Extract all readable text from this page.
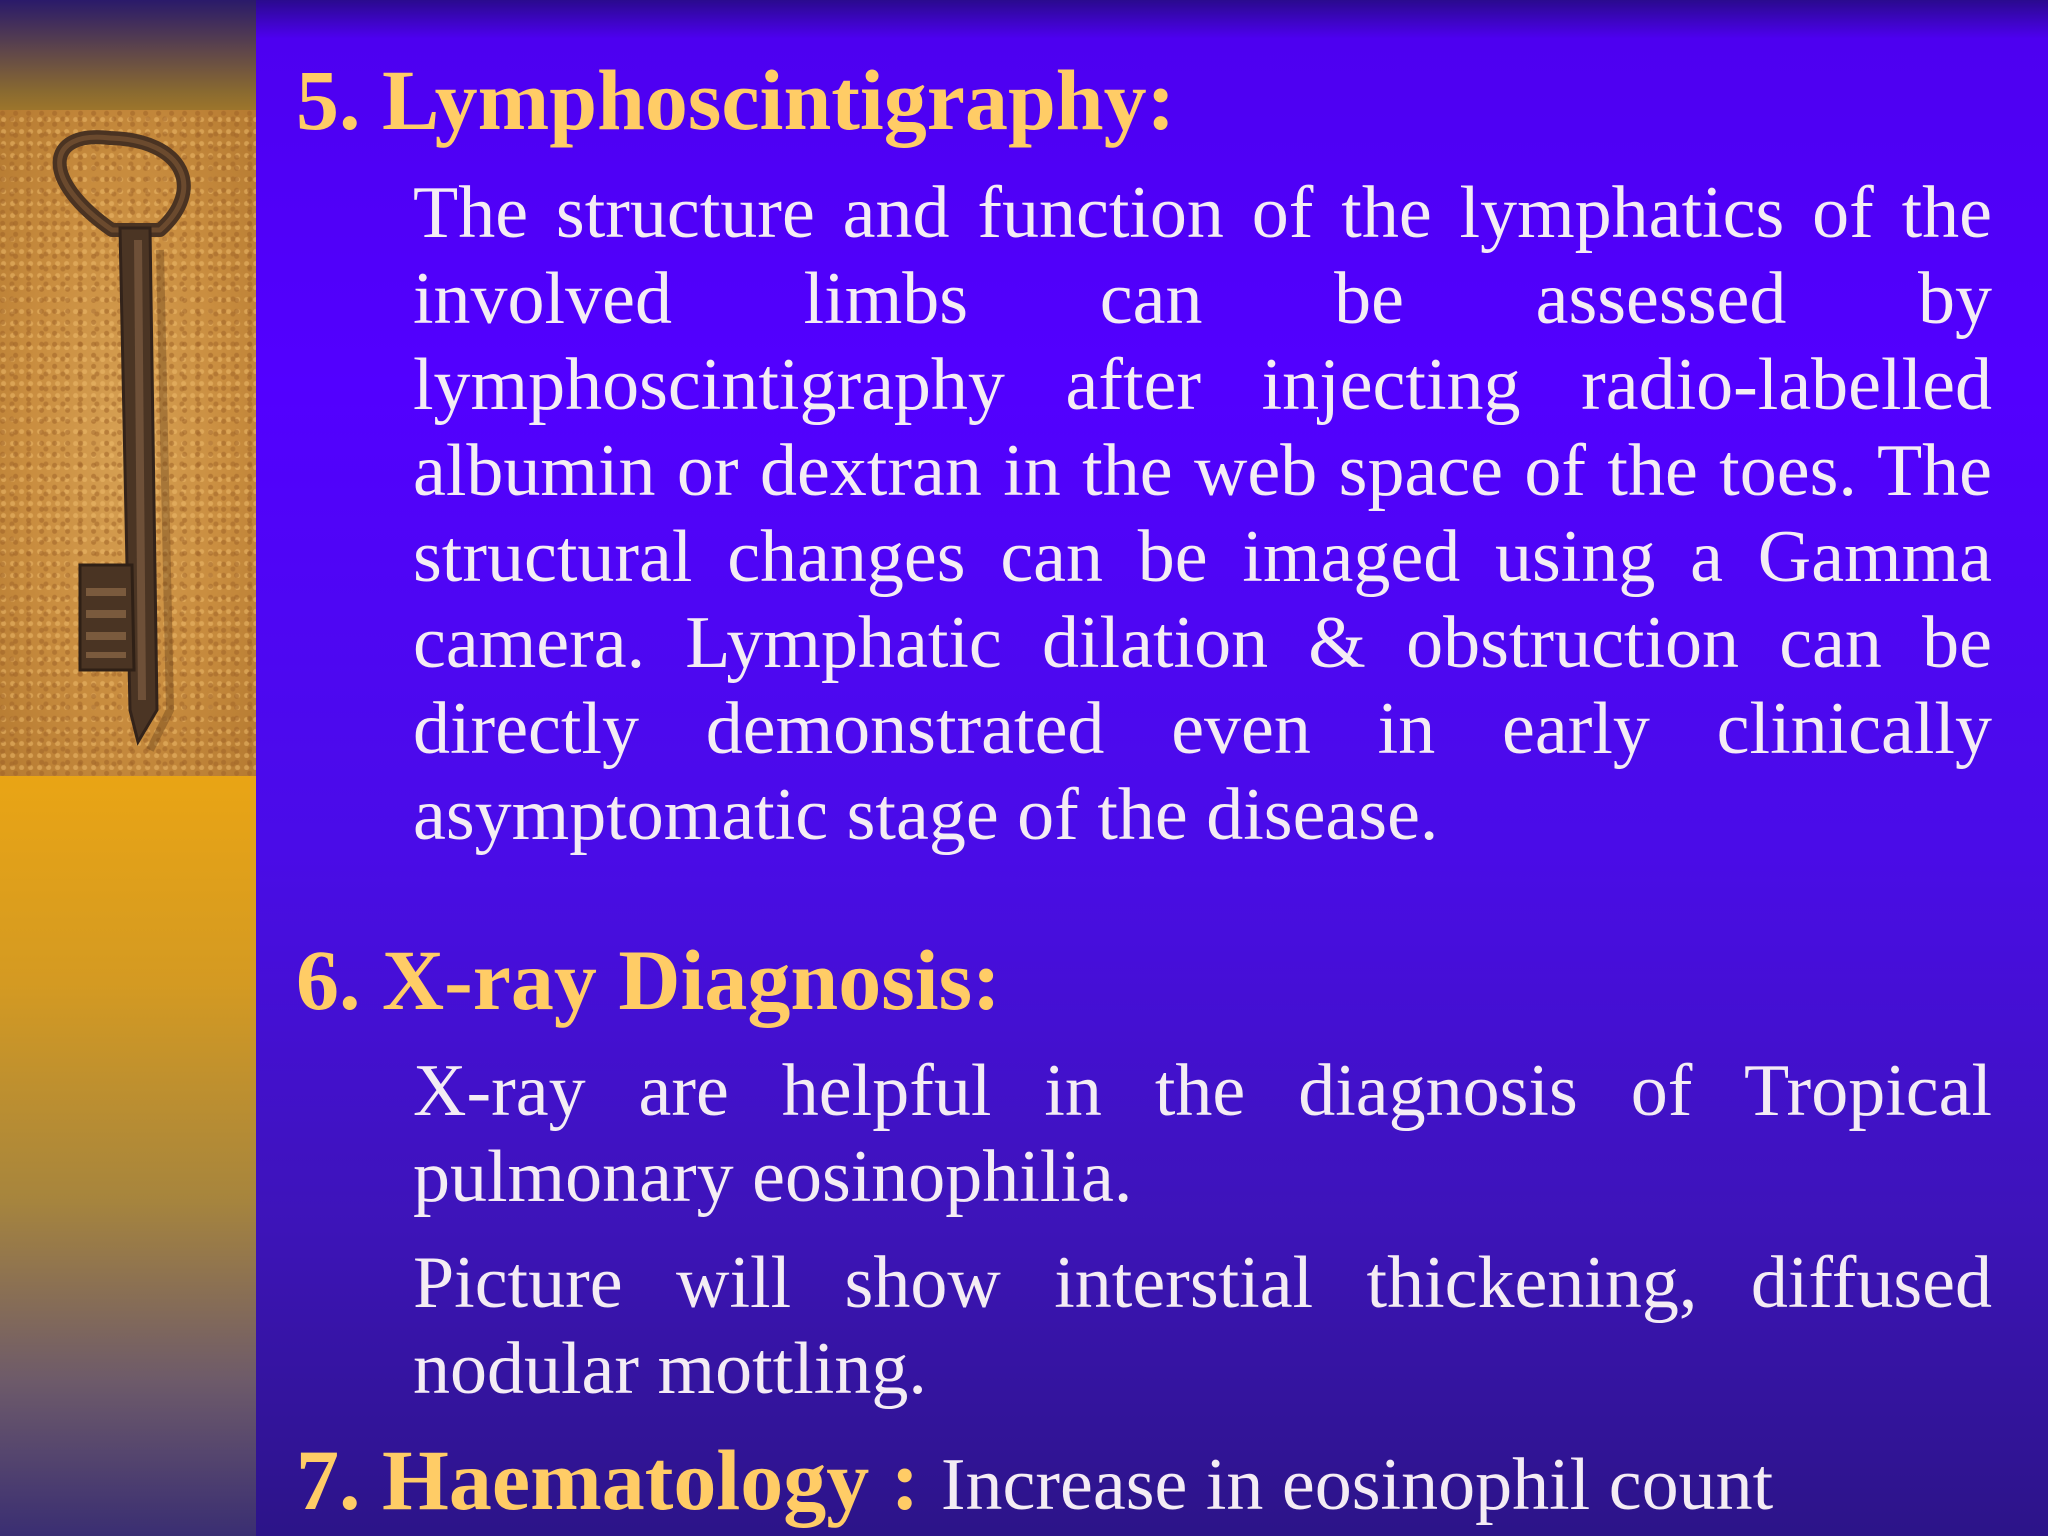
5. Lymphoscintigraphy:

The structure and function of the lymphatics of the involved limbs can be assessed by lymphoscintigraphy after injecting radio-labelled albumin or dextran in the web space of the toes. The structural changes can be imaged using a Gamma camera. Lymphatic dilation & obstruction can be directly demonstrated even in early clinically asymptomatic stage of the disease.

6. X-ray Diagnosis:

X-ray are helpful in the diagnosis of Tropical pulmonary eosinophilia.

Picture will show interstial thickening, diffused nodular mottling.

7. Haematology : Increase in eosinophil count
